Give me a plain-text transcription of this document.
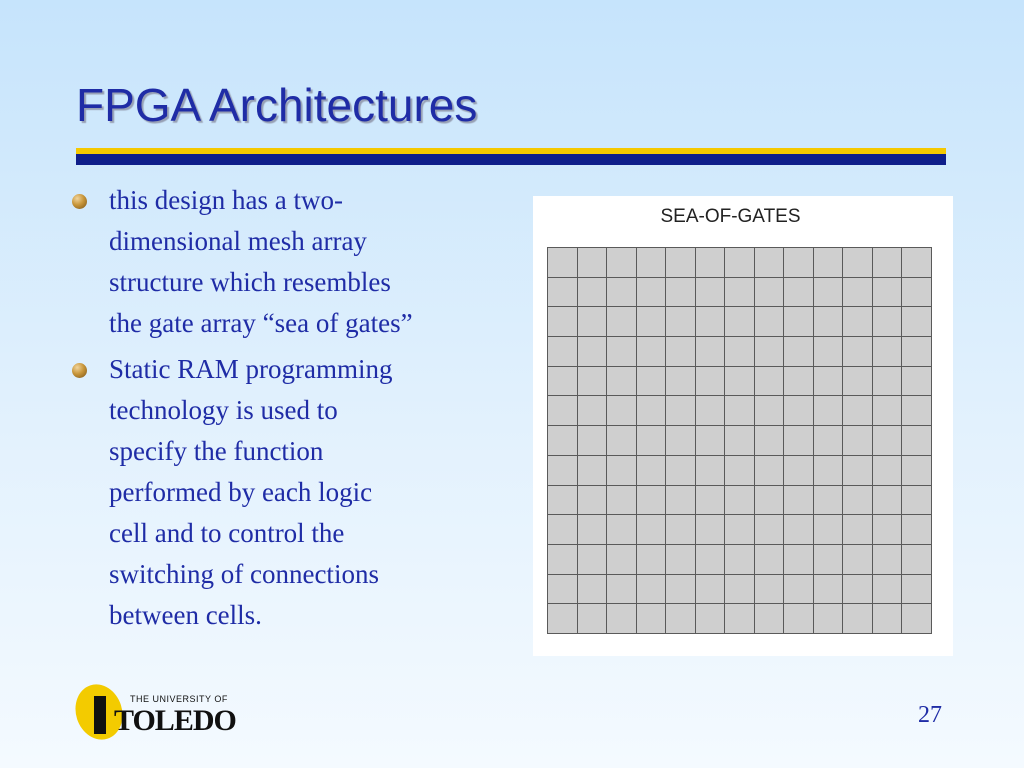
FPGA Architectures
this design has a two-
dimensional mesh array
structure which resembles
the gate array “sea of gates”
Static RAM programming
technology is used to
specify the function
performed by each logic
cell and to control the
switching of connections
between cells.
SEA-OF-GATES
THE UNIVERSITY OF
TOLEDO	27
